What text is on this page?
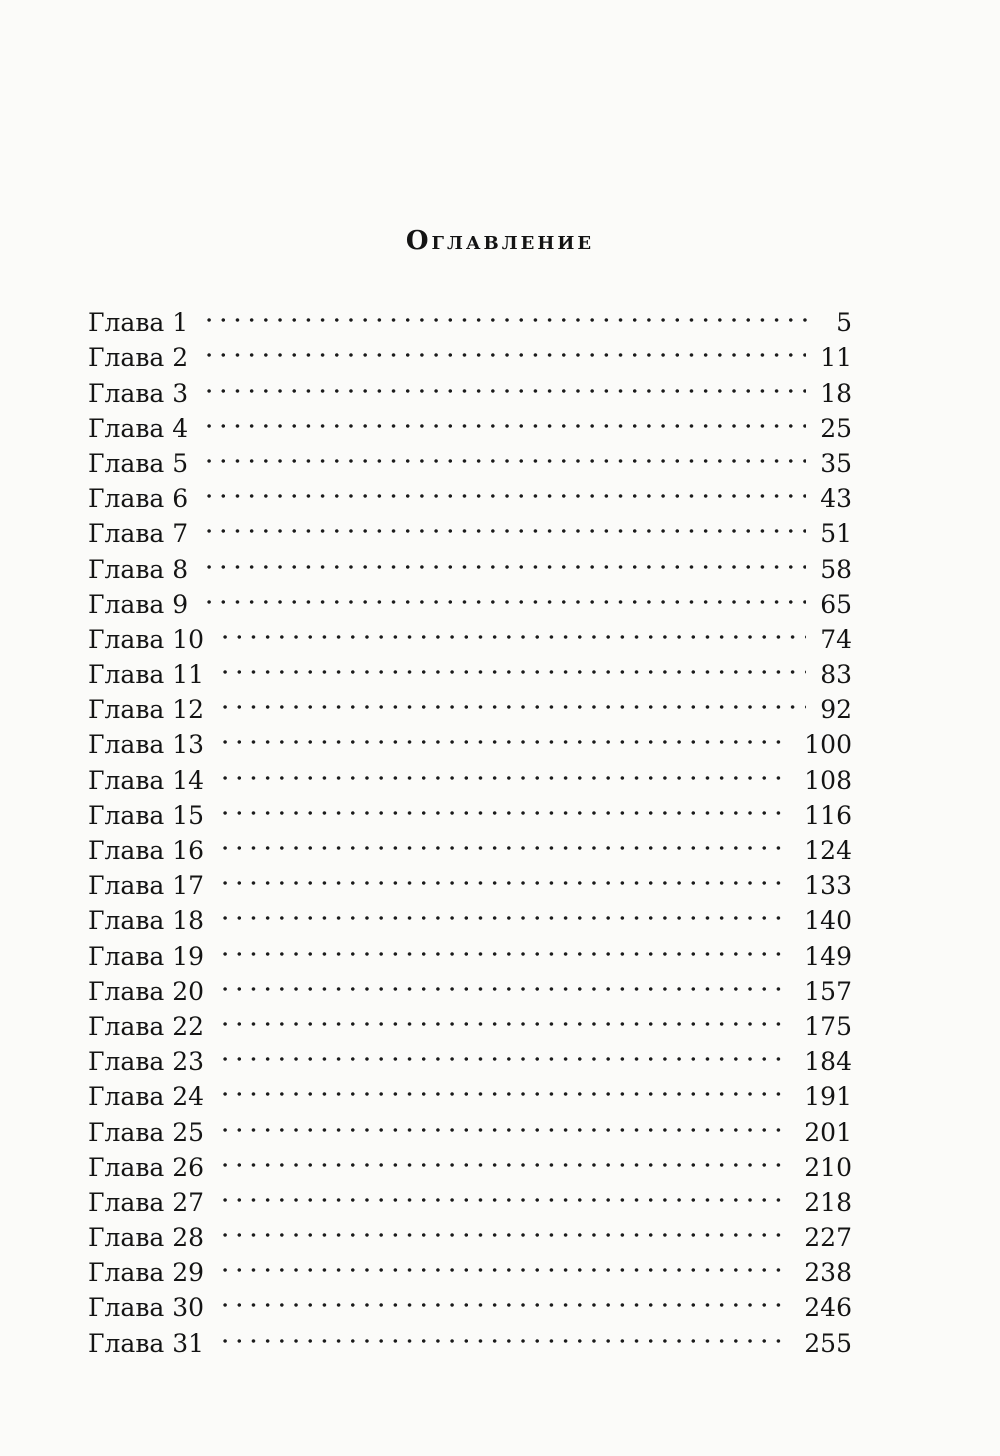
Оглавление
Глава 1	5
Глава 2	11
Глава 3	18
Глава 4	25
Глава 5	35
Глава 6	43
Глава 7	51
Глава 8	58
Глава 9	65
Глава 10	74
Глава 11	83
Глава 12	92
Глава 13	100
Глава 14	108
Глава 15	116
Глава 16	124
Глава 17	133
Глава 18	140
Глава 19	149
Глава 20	157
Глава 22	175
Глава 23	184
Глава 24	191
Глава 25	201
Глава 26	210
Глава 27	218
Глава 28	227
Глава 29	238
Глава 30	246
Глава 31	255
